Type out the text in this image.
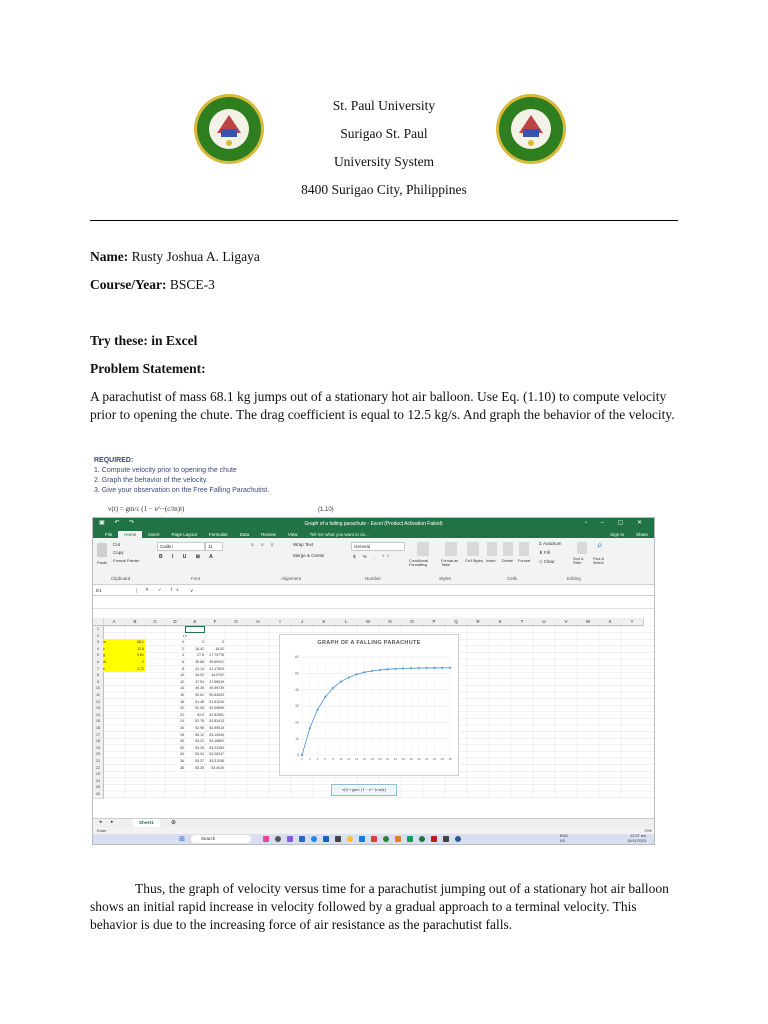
St. Paul University
Surigao St. Paul
University System
8400 Surigao City, Philippines
Name: Rusty Joshua A. Ligaya
Course/Year: BSCE-3
Try these: in Excel
Problem Statement:
A parachutist of mass 68.1 kg jumps out of a stationary hot air balloon. Use Eq. (1.10) to compute velocity prior to opening the chute. The drag coefficient is equal to 12.5 kg/s. And graph the behavior of the velocity.
REQUIRED:
1. Compute velocity prior to opening the chute
2. Graph the behavior of the velocity.
3. Give your observation on the Free Falling Parachutist.
v(t) = gm/c (1 − e^−(c/m)t)	(1.10)
▣ ↶ ↷	Graph of a falling parachute - Excel (Product Activation Failed)	▫ – ▢ ✕
File	Home	Insert	Page Layout	Formulas	Data	Review	View	Tell me what you want to do...	Sign in	Share
Paste
Cut
Copy
Format Painter
Clipboard
Calibri	11
B I U ⊞ A
Font
≡ ≡ ≡	Wrap Text
Merge & Center
Alignment
General
$ % , ⁰⁰
Number
Conditional Formatting
Format as Table
Cell Styles
Styles
Insert Delete Format
Cells
Σ AutoSum
⬇ Fill
◇ Clear	Sort & Filter
⌕
Find & Select
Editing
E1	✕ ✓ fx	v
GRAPH OF A FALLING PARACHUTE
0
10
20
30
40
50
60
0 2 4 6 8 10 12 14 16 18 20 22 24 26 28 30 32 34 36 38
v(t) = gm/c (1 − e^−(c/m)t)
A	B	C	D	E	F	G	H	I	J	K	L	M	N	O	P	Q	R	S	T	U	V	W	X	Y
1
2
3
4
5
6
7
8
9
10
11
12
13
14
15
16
17
18
19
20
21
22
23
24
25
26
m	68.1
c	12.5
g	9.81
Δt	2
e	2.72
t v
0	0	0
2	16.42	16.42
4	27.8	27.79776
6	35.68	35.69021
8	41.14	41.17503
10	44.92	44.9702
12	47.54	47.58919
14	49.36	49.39739
16	50.61	50.64923
18	51.48	51.51034
20	52.08	52.09896
22	52.5	52.52981
24	52.78	52.82413
26	52.98	52.99518
28	53.12	53.10646
30	53.22	53.16802
32	53.29	53.23169
34	53.34	53.28247
36	53.37	53.31208
38	53.39	53.4019
◂ ▸	Sheet1	⊕
Enter	70%
⊞	Search	ENG
US
12:37 am
15/11/2023
Thus, the graph of velocity versus time for a parachutist jumping out of a stationary hot air balloon shows an initial rapid increase in velocity followed by a gradual approach to a terminal velocity. This behavior is due to the increasing force of air resistance as the parachutist falls.
